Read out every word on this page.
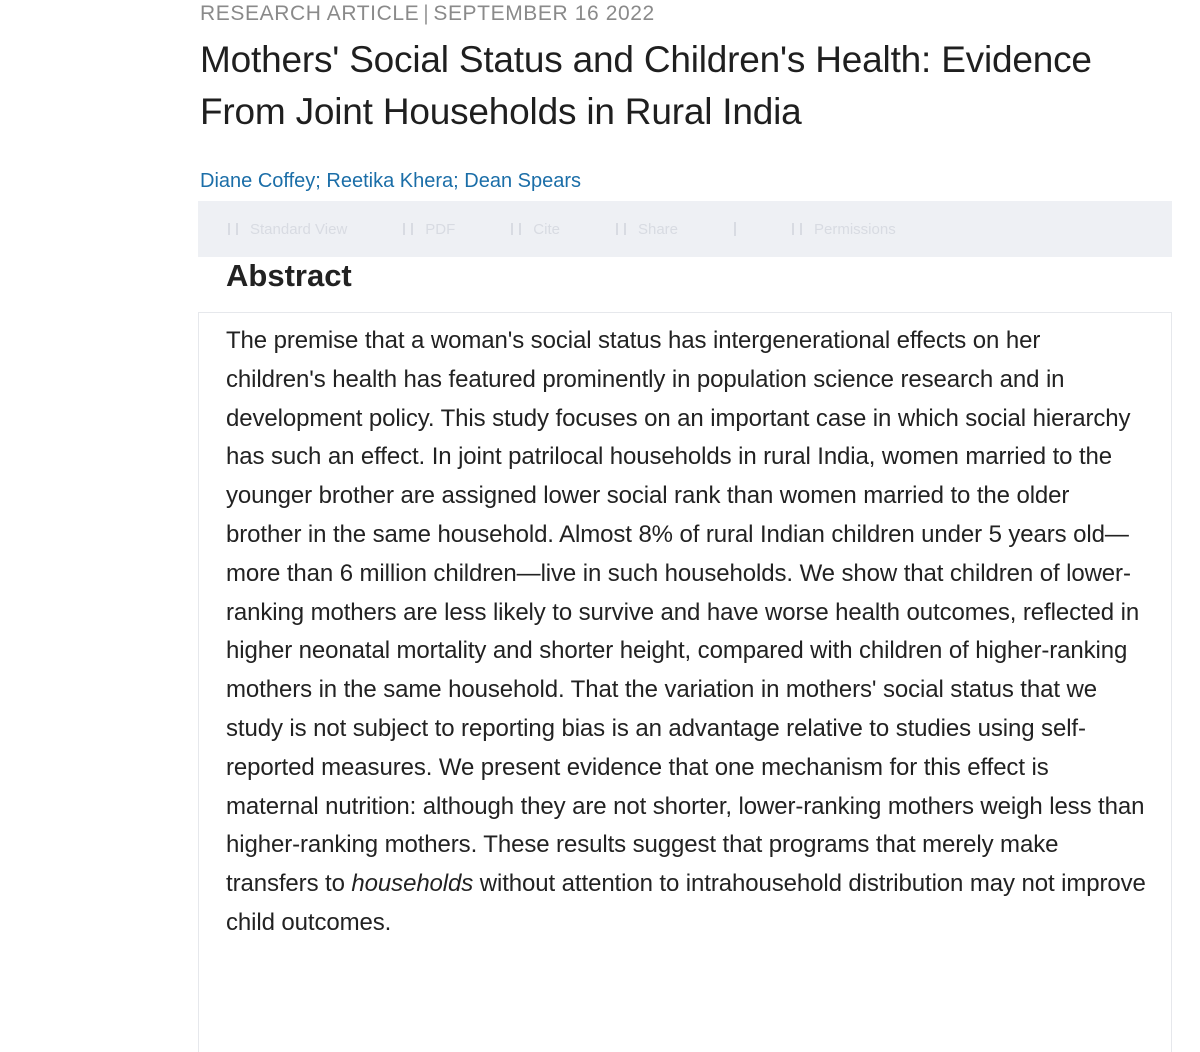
RESEARCH ARTICLE | SEPTEMBER 16 2022
Mothers' Social Status and Children's Health: Evidence From Joint Households in Rural India
Diane Coffey; Reetika Khera; Dean Spears
Standard View	PDF	Cite	Share	Permissions
Abstract

The premise that a woman's social status has intergenerational effects on her children's health has featured prominently in population science research and in development policy. This study focuses on an important case in which social hierarchy has such an effect. In joint patrilocal households in rural India, women married to the younger brother are assigned lower social rank than women married to the older brother in the same household. Almost 8% of rural Indian children under 5 years old—more than 6 million children—live in such households. We show that children of lower-ranking mothers are less likely to survive and have worse health outcomes, reflected in higher neonatal mortality and shorter height, compared with children of higher-ranking mothers in the same household. That the variation in mothers' social status that we study is not subject to reporting bias is an advantage relative to studies using self-reported measures. We present evidence that one mechanism for this effect is maternal nutrition: although they are not shorter, lower-ranking mothers weigh less than higher-ranking mothers. These results suggest that programs that merely make transfers to households without attention to intrahousehold distribution may not improve child outcomes.
